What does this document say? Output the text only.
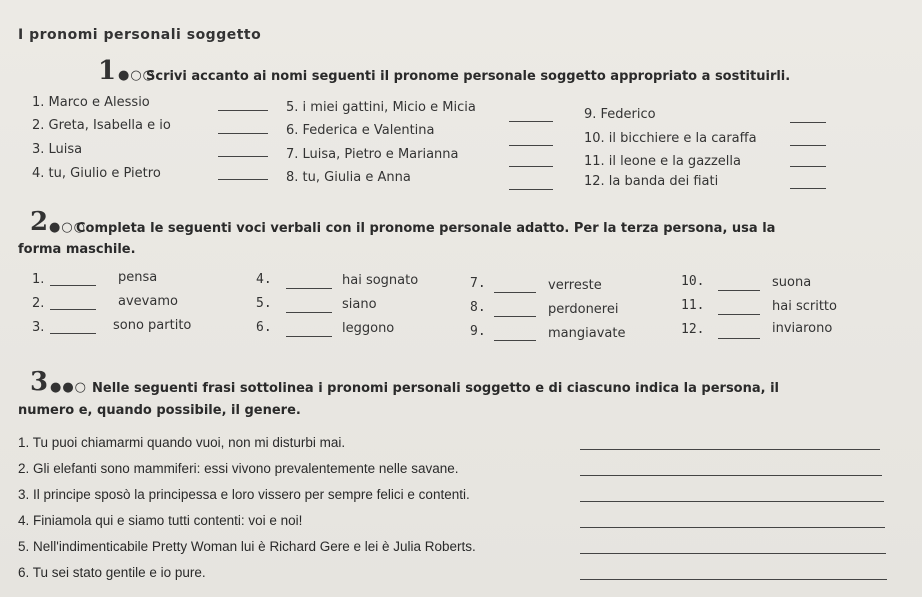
I pronomi personali soggetto
1 ●○○
Scrivi accanto ai nomi seguenti il pronome personale soggetto appropriato a sostituirli.
1. Marco e Alessio
2. Greta, Isabella e io
3. Luisa
4. tu, Giulio e Pietro
5. i miei gattini, Micio e Micia
6. Federica e Valentina
7. Luisa, Pietro e Marianna
8. tu, Giulia e Anna
9. Federico
10. il bicchiere e la caraffa
11. il leone e la gazzella
12. la banda dei fiati
2 ●○○
Completa le seguenti voci verbali con il pronome personale adatto. Per la terza persona, usa la
forma maschile.
1.	pensa
2.	avevamo
3.	sono partito
4.	hai sognato
5.	siano
6.	leggono
7.	verreste
8.	perdonerei
9.	mangiavate
10.	suona
11.	hai scritto
12.	inviarono
3 ●●○ Nelle seguenti frasi sottolinea i pronomi personali soggetto e di ciascuno indica la persona, il
numero e, quando possibile, il genere.
1. Tu puoi chiamarmi quando vuoi, non mi disturbi mai.
2. Gli elefanti sono mammiferi: essi vivono prevalentemente nelle savane.
3. Il principe sposò la principessa e loro vissero per sempre felici e contenti.
4. Finiamola qui e siamo tutti contenti: voi e noi!
5. Nell'indimenticabile Pretty Woman lui è Richard Gere e lei è Julia Roberts.
6. Tu sei stato gentile e io pure.
